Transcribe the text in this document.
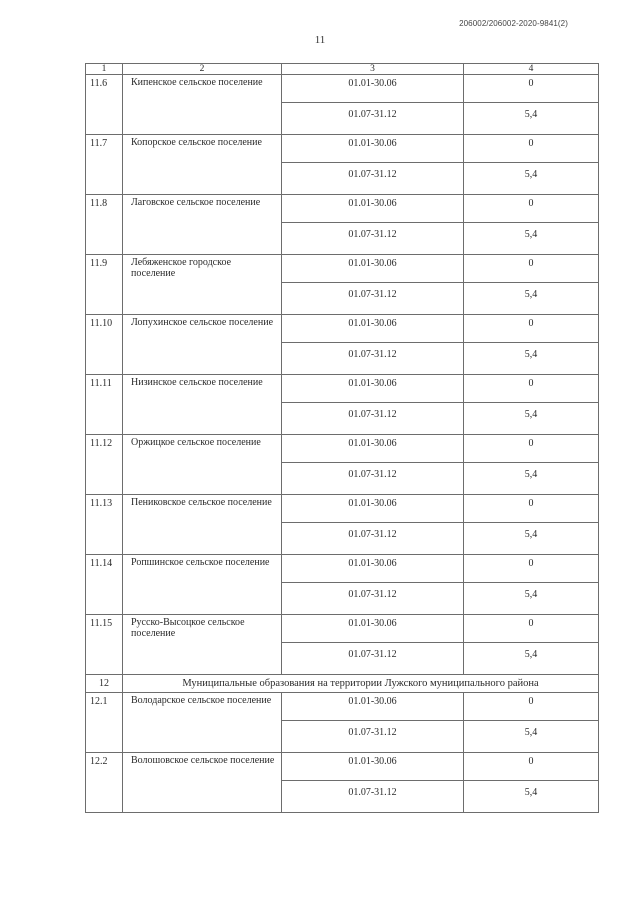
206002/206002-2020-9841(2)
11
1	2	3	4
11.6	Кипенское сельское поселение	01.01-30.06	0
		01.07-31.12	5,4
11.7	Копорское сельское поселение	01.01-30.06	0
		01.07-31.12	5,4
11.8	Лаговское сельское поселение	01.01-30.06	0
		01.07-31.12	5,4
11.9	Лебяженское городское поселение	01.01-30.06	0
		01.07-31.12	5,4
11.10	Лопухинское сельское поселение	01.01-30.06	0
		01.07-31.12	5,4
11.11	Низинское сельское поселение	01.01-30.06	0
		01.07-31.12	5,4
11.12	Оржицкое сельское поселение	01.01-30.06	0
		01.07-31.12	5,4
11.13	Пениковское сельское поселение	01.01-30.06	0
		01.07-31.12	5,4
11.14	Ропшинское сельское поселение	01.01-30.06	0
		01.07-31.12	5,4
11.15	Русско-Высоцкое сельское поселение	01.01-30.06	0
		01.07-31.12	5,4
12	Муниципальные образования на территории Лужского муниципального района		
12.1	Володарское сельское поселение	01.01-30.06	0
		01.07-31.12	5,4
12.2	Волошовское сельское поселение	01.01-30.06	0
		01.07-31.12	5,4
